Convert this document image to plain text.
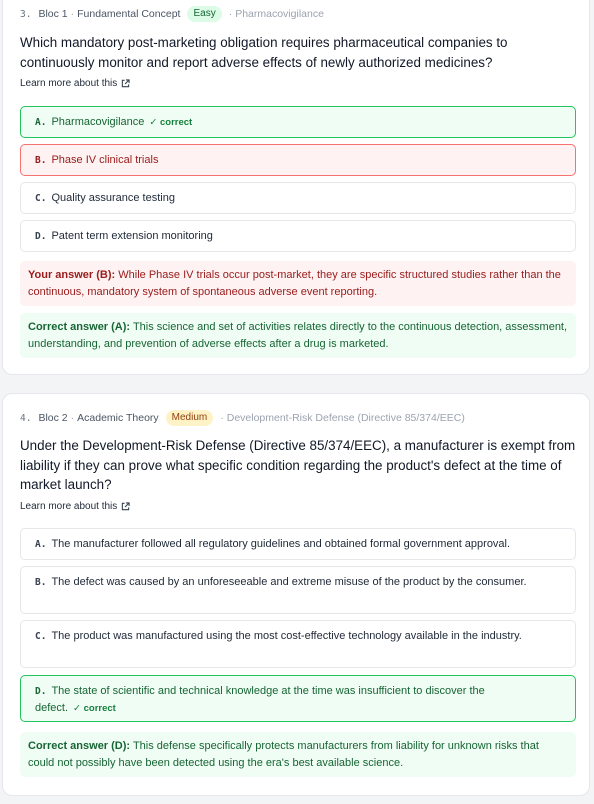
3. Bloc 1 · Fundamental Concept	Easy	· Pharmacovigilance
Which mandatory post-marketing obligation requires pharmaceutical companies to continuously monitor and report adverse effects of newly authorized medicines?
Learn more about this
A. Pharmacovigilance ✓ correct
B. Phase IV clinical trials
C. Quality assurance testing
D. Patent term extension monitoring
Your answer (B): While Phase IV trials occur post-market, they are specific structured studies rather than the continuous, mandatory system of spontaneous adverse event reporting.
Correct answer (A): This science and set of activities relates directly to the continuous detection, assessment, understanding, and prevention of adverse effects after a drug is marketed.
4. Bloc 2 · Academic Theory	Medium	· Development-Risk Defense (Directive 85/374/EEC)
Under the Development-Risk Defense (Directive 85/374/EEC), a manufacturer is exempt from liability if they can prove what specific condition regarding the product's defect at the time of market launch?
Learn more about this
A. The manufacturer followed all regulatory guidelines and obtained formal government approval.
B. The defect was caused by an unforeseeable and extreme misuse of the product by the consumer.
C. The product was manufactured using the most cost-effective technology available in the industry.
D. The state of scientific and technical knowledge at the time was insufficient to discover the defect. ✓ correct
Correct answer (D): This defense specifically protects manufacturers from liability for unknown risks that could not possibly have been detected using the era's best available science.
